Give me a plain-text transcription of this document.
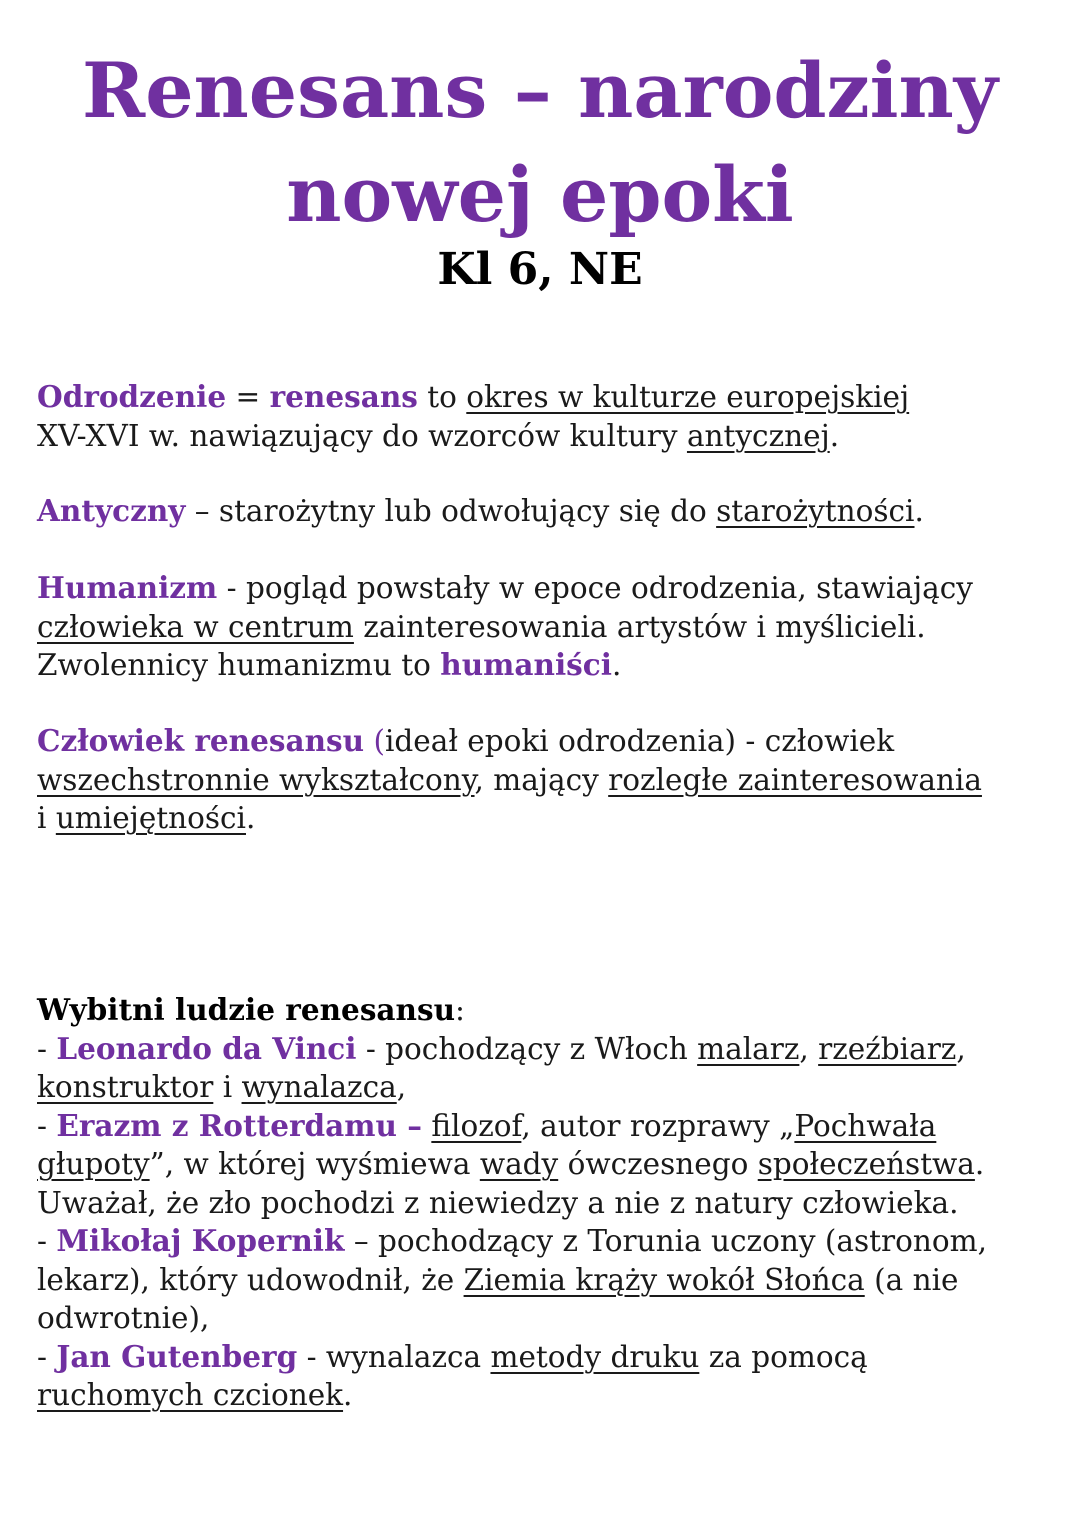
Renesans – narodziny
nowej epoki
Kl 6, NE

Odrodzenie = renesans to okres w kulturze europejskiej
XV-XVI w. nawiązujący do wzorców kultury antycznej.

Antyczny – starożytny lub odwołujący się do starożytności.

Humanizm - pogląd powstały w epoce odrodzenia, stawiający
człowieka w centrum zainteresowania artystów i myślicieli.
Zwolennicy humanizmu to humaniści.

Człowiek renesansu (ideał epoki odrodzenia) - człowiek
wszechstronnie wykształcony, mający rozległe zainteresowania
i umiejętności.

Wybitni ludzie renesansu:
- Leonardo da Vinci - pochodzący z Włoch malarz, rzeźbiarz,
konstruktor i wynalazca,
- Erazm z Rotterdamu – filozof, autor rozprawy „Pochwała
głupoty”, w której wyśmiewa wady ówczesnego społeczeństwa.
Uważał, że zło pochodzi z niewiedzy a nie z natury człowieka.
- Mikołaj Kopernik – pochodzący z Torunia uczony (astronom,
lekarz), który udowodnił, że Ziemia krąży wokół Słońca (a nie
odwrotnie),
- Jan Gutenberg - wynalazca metody druku za pomocą
ruchomych czcionek.
